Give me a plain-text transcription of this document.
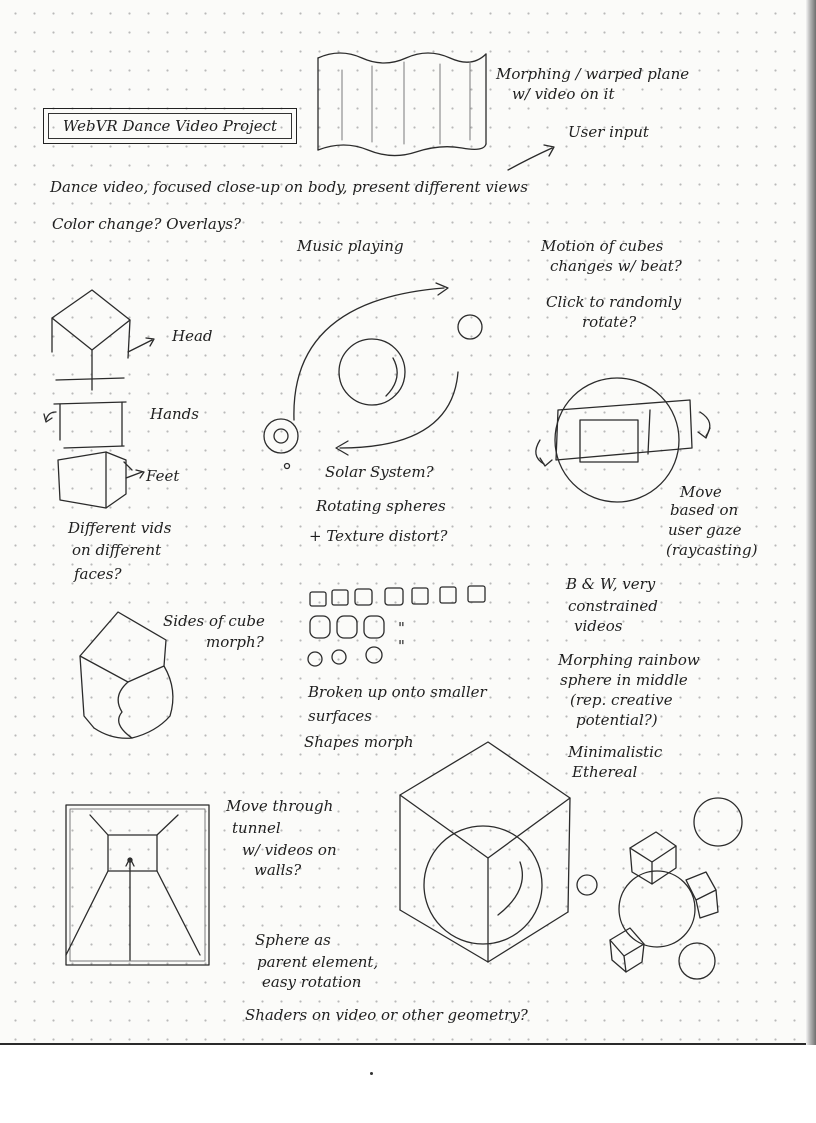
WebVR Dance Video Project

Morphing / warped plane

w/ video on it

User input

Dance video, focused close-up on body, present different views

Color change? Overlays?

Music playing	Motion of cubes

changes w/ beat?

Click to randomly

rotate?

Head

Hands

Feet

Different vids

on different

faces?

Solar System?

Rotating spheres

+ Texture distort?

Move

based on

user gaze

(raycasting)

Sides of cube

morph?

"

"

Broken up onto smaller

surfaces

Shapes morph

B & W, very

constrained

videos

Morphing rainbow

sphere in middle

(rep. creative

potential?)

Minimalistic

Ethereal

Move through

tunnel

w/ videos on

walls?

Sphere as

parent element,

easy rotation

Shaders on video or other geometry?
